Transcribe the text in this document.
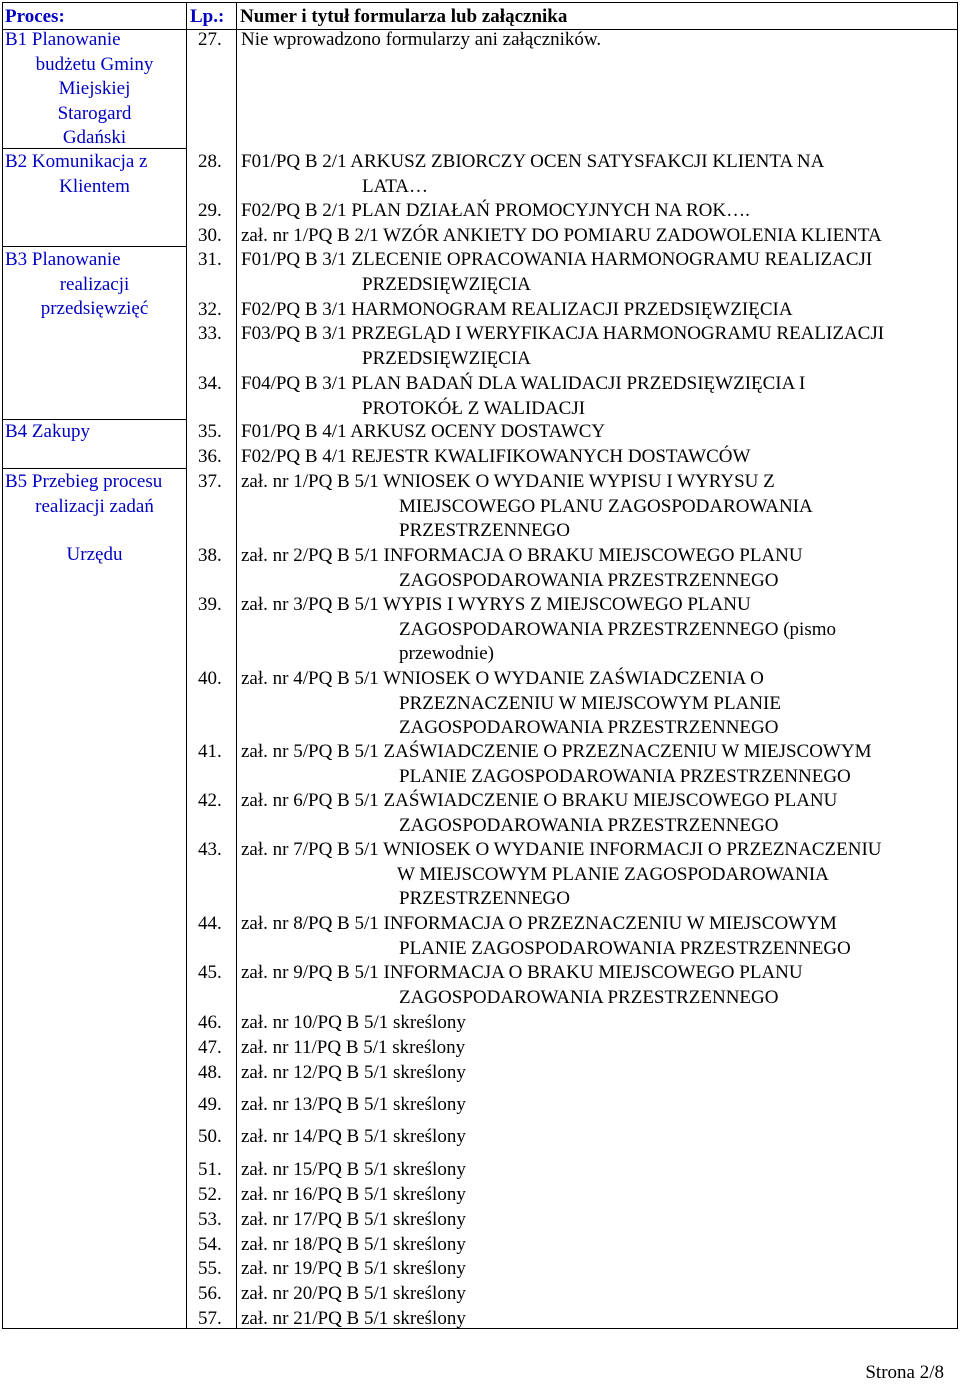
Proces:	Lp.: Numer i tytuł formularza lub załącznika
B1 Planowanie
budżetu Gminy
Miejskiej
Starogard
Gdański
B2 Komunikacja z
Klientem
B3 Planowanie
realizacji
przedsięwzięć
B4 Zakupy
B5 Przebieg procesu
realizacji zadań
Urzędu
27. Nie wprowadzono formularzy ani załączników.
28. F01/PQ B 2/1 ARKUSZ ZBIORCZY OCEN SATYSFAKCJI KLIENTA NA
LATA…
29. F02/PQ B 2/1 PLAN DZIAŁAŃ PROMOCYJNYCH NA ROK….
30. zał. nr 1/PQ B 2/1 WZÓR ANKIETY DO POMIARU ZADOWOLENIA KLIENTA
31. F01/PQ B 3/1 ZLECENIE OPRACOWANIA HARMONOGRAMU REALIZACJI
PRZEDSIĘWZIĘCIA
32. F02/PQ B 3/1 HARMONOGRAM REALIZACJI PRZEDSIĘWZIĘCIA
33. F03/PQ B 3/1 PRZEGLĄD I WERYFIKACJA HARMONOGRAMU REALIZACJI
PRZEDSIĘWZIĘCIA
34. F04/PQ B 3/1 PLAN BADAŃ DLA WALIDACJI PRZEDSIĘWZIĘCIA I
PROTOKÓŁ Z WALIDACJI
35. F01/PQ B 4/1 ARKUSZ OCENY DOSTAWCY
36. F02/PQ B 4/1 REJESTR KWALIFIKOWANYCH DOSTAWCÓW
37. zał. nr 1/PQ B 5/1 WNIOSEK O WYDANIE WYPISU I WYRYSU Z
MIEJSCOWEGO PLANU ZAGOSPODAROWANIA
PRZESTRZENNEGO
38. zał. nr 2/PQ B 5/1 INFORMACJA O BRAKU MIEJSCOWEGO PLANU
ZAGOSPODAROWANIA PRZESTRZENNEGO
39. zał. nr 3/PQ B 5/1 WYPIS I WYRYS Z MIEJSCOWEGO PLANU
ZAGOSPODAROWANIA PRZESTRZENNEGO (pismo
przewodnie)
40. zał. nr 4/PQ B 5/1 WNIOSEK O WYDANIE ZAŚWIADCZENIA O
PRZEZNACZENIU W MIEJSCOWYM PLANIE
ZAGOSPODAROWANIA PRZESTRZENNEGO
41. zał. nr 5/PQ B 5/1 ZAŚWIADCZENIE O PRZEZNACZENIU W MIEJSCOWYM
PLANIE ZAGOSPODAROWANIA PRZESTRZENNEGO
42. zał. nr 6/PQ B 5/1 ZAŚWIADCZENIE O BRAKU MIEJSCOWEGO PLANU
ZAGOSPODAROWANIA PRZESTRZENNEGO
43. zał. nr 7/PQ B 5/1 WNIOSEK O WYDANIE INFORMACJI O PRZEZNACZENIU
W MIEJSCOWYM PLANIE ZAGOSPODAROWANIA
PRZESTRZENNEGO
44. zał. nr 8/PQ B 5/1 INFORMACJA O PRZEZNACZENIU W MIEJSCOWYM
PLANIE ZAGOSPODAROWANIA PRZESTRZENNEGO
45. zał. nr 9/PQ B 5/1 INFORMACJA O BRAKU MIEJSCOWEGO PLANU
ZAGOSPODAROWANIA PRZESTRZENNEGO
46. zał. nr 10/PQ B 5/1 skreślony
47. zał. nr 11/PQ B 5/1 skreślony
48. zał. nr 12/PQ B 5/1 skreślony
49. zał. nr 13/PQ B 5/1 skreślony
50. zał. nr 14/PQ B 5/1 skreślony
51. zał. nr 15/PQ B 5/1 skreślony
52. zał. nr 16/PQ B 5/1 skreślony
53. zał. nr 17/PQ B 5/1 skreślony
54. zał. nr 18/PQ B 5/1 skreślony
55. zał. nr 19/PQ B 5/1 skreślony
56. zał. nr 20/PQ B 5/1 skreślony
57. zał. nr 21/PQ B 5/1 skreślony
Strona 2/8
